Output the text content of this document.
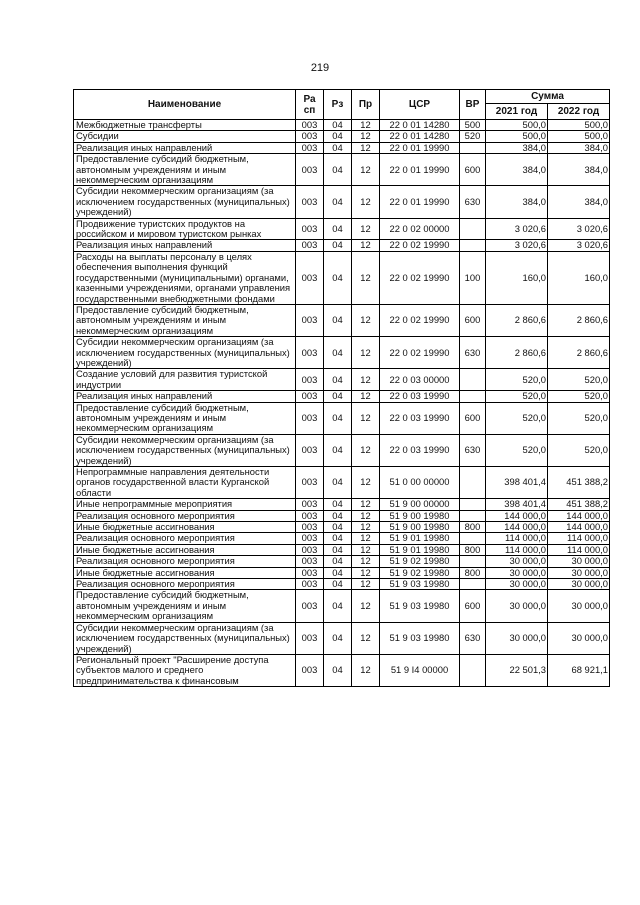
219
Наименование	Ра сп	Рз	Пр	ЦСР	ВР	Сумма	
						2021 год	2022 год
Межбюджетные трансферты	003	04	12	22 0 01 14280	500	500,0	500,0
Субсидии	003	04	12	22 0 01 14280	520	500,0	500,0
Реализация иных направлений	003	04	12	22 0 01 19990		384,0	384,0
Предоставление субсидий бюджетным, автономным учреждениям и иным некоммерческим организациям	003	04	12	22 0 01 19990	600	384,0	384,0
Субсидии некоммерческим организациям (за исключением государственных (муниципальных) учреждений)	003	04	12	22 0 01 19990	630	384,0	384,0
Продвижение туристских продуктов на российском и мировом туристском рынках	003	04	12	22 0 02 00000		3 020,6	3 020,6
Реализация иных направлений	003	04	12	22 0 02 19990		3 020,6	3 020,6
Расходы на выплаты персоналу в целях обеспечения выполнения функций государственными (муниципальными) органами, казенными учреждениями, органами управления государственными внебюджетными фондами	003	04	12	22 0 02 19990	100	160,0	160,0
Предоставление субсидий бюджетным, автономным учреждениям и иным некоммерческим организациям	003	04	12	22 0 02 19990	600	2 860,6	2 860,6
Субсидии некоммерческим организациям (за исключением государственных (муниципальных) учреждений)	003	04	12	22 0 02 19990	630	2 860,6	2 860,6
Создание условий для развития туристской индустрии	003	04	12	22 0 03 00000		520,0	520,0
Реализация иных направлений	003	04	12	22 0 03 19990		520,0	520,0
Предоставление субсидий бюджетным, автономным учреждениям и иным некоммерческим организациям	003	04	12	22 0 03 19990	600	520,0	520,0
Субсидии некоммерческим организациям (за исключением государственных (муниципальных) учреждений)	003	04	12	22 0 03 19990	630	520,0	520,0
Непрограммные направления деятельности органов государственной власти Курганской области	003	04	12	51 0 00 00000		398 401,4	451 388,2
Иные непрограммные мероприятия	003	04	12	51 9 00 00000		398 401,4	451 388,2
Реализация основного мероприятия	003	04	12	51 9 00 19980		144 000,0	144 000,0
Иные бюджетные ассигнования	003	04	12	51 9 00 19980	800	144 000,0	144 000,0
Реализация основного мероприятия	003	04	12	51 9 01 19980		114 000,0	114 000,0
Иные бюджетные ассигнования	003	04	12	51 9 01 19980	800	114 000,0	114 000,0
Реализация основного мероприятия	003	04	12	51 9 02 19980		30 000,0	30 000,0
Иные бюджетные ассигнования	003	04	12	51 9 02 19980	800	30 000,0	30 000,0
Реализация основного мероприятия	003	04	12	51 9 03 19980		30 000,0	30 000,0
Предоставление субсидий бюджетным, автономным учреждениям и иным некоммерческим организациям	003	04	12	51 9 03 19980	600	30 000,0	30 000,0
Субсидии некоммерческим организациям (за исключением государственных (муниципальных) учреждений)	003	04	12	51 9 03 19980	630	30 000,0	30 000,0
Региональный проект "Расширение доступа субъектов малого и среднего предпринимательства к финансовым	003	04	12	51 9 I4 00000		22 501,3	68 921,1
